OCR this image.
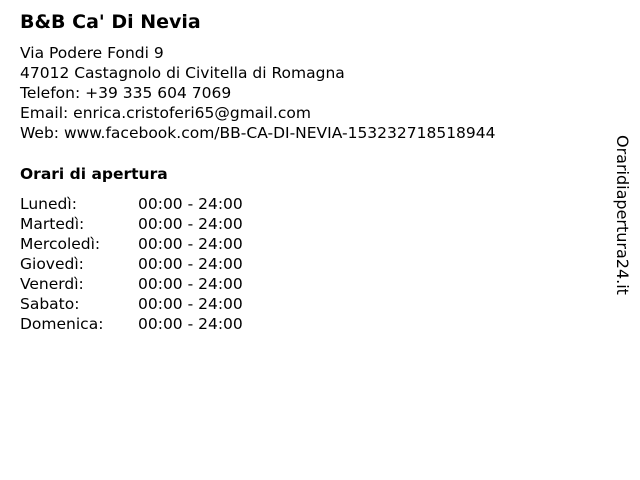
B&B Ca' Di Nevia
Via Podere Fondi 9
47012 Castagnolo di Civitella di Romagna
Telefon: +39 335 604 7069
Email: enrica.cristoferi65@gmail.com
Web: www.facebook.com/BB-CA-DI-NEVIA-153232718518944
Orari di apertura
Lunedì:	00:00 - 24:00
Martedì:	00:00 - 24:00
Mercoledì: 00:00 - 24:00
Giovedì:	00:00 - 24:00
Venerdì:	00:00 - 24:00
Sabato:	00:00 - 24:00
Domenica: 00:00 - 24:00
Oraridiapertura24.it
